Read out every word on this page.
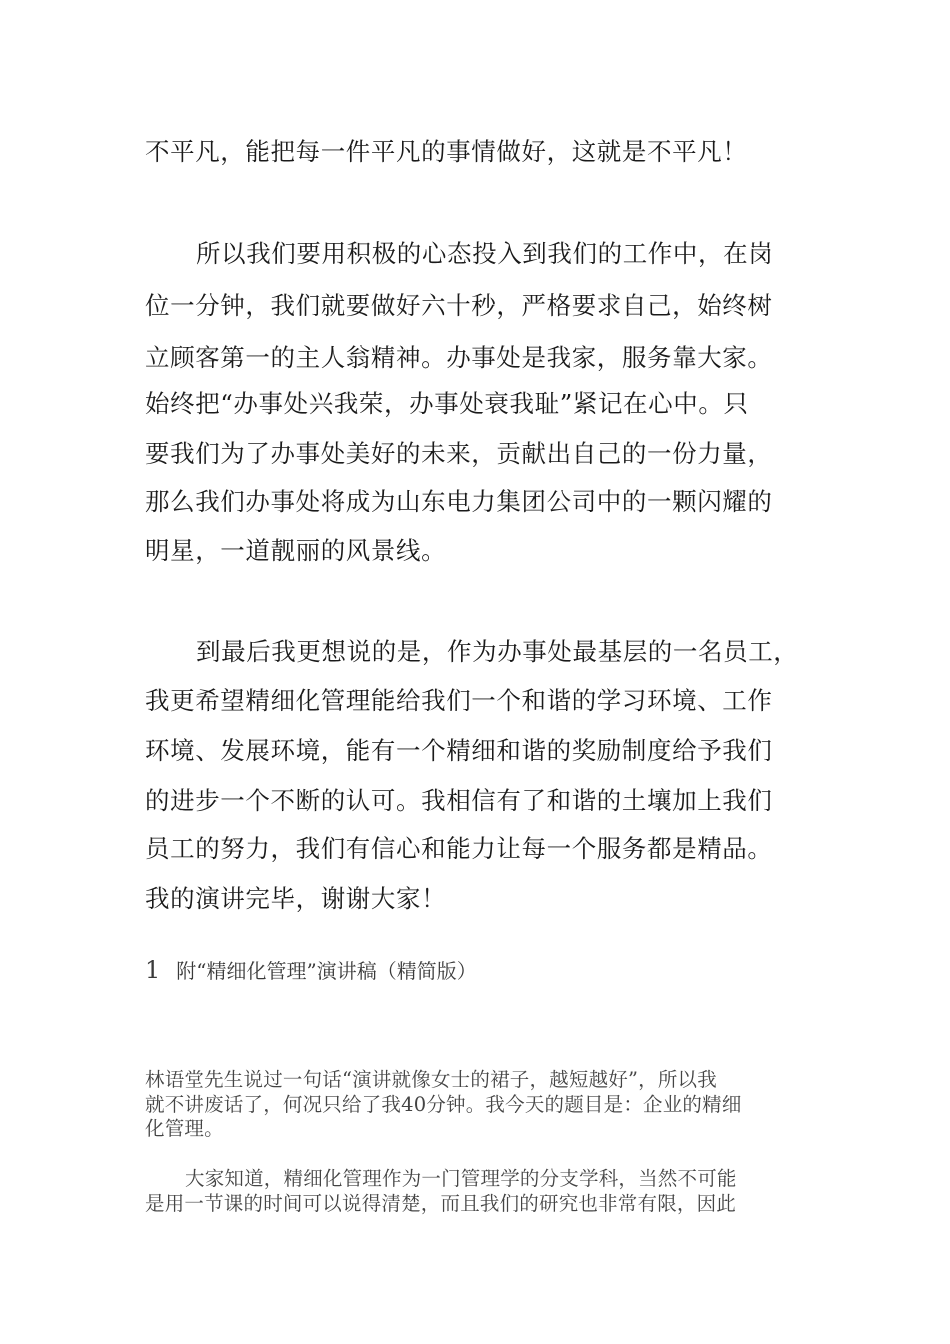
不平凡，能把每一件平凡的事情做好，这就是不平凡！
所以我们要用积极的心态投入到我们的工作中，在岗
位一分钟，我们就要做好六十秒，严格要求自己，始终树
立顾客第一的主人翁精神。办事处是我家，服务靠大家。
始终把“办事处兴我荣，办事处衰我耻”紧记在心中。只
要我们为了办事处美好的未来，贡献出自己的一份力量，
那么我们办事处将成为山东电力集团公司中的一颗闪耀的
明星，一道靓丽的风景线。
到最后我更想说的是，作为办事处最基层的一名员工，
我更希望精细化管理能给我们一个和谐的学习环境、工作
环境、发展环境，能有一个精细和谐的奖励制度给予我们
的进步一个不断的认可。我相信有了和谐的土壤加上我们
员工的努力，我们有信心和能力让每一个服务都是精品。
我的演讲完毕，谢谢大家！
1 附“精细化管理”演讲稿（精简版）
林语堂先生说过一句话“演讲就像女士的裙子，越短越好”，所以我
就不讲废话了，何况只给了我40分钟。我今天的题目是：企业的精细
化管理。
大家知道，精细化管理作为一门管理学的分支学科，当然不可能
是用一节课的时间可以说得清楚，而且我们的研究也非常有限，因此
